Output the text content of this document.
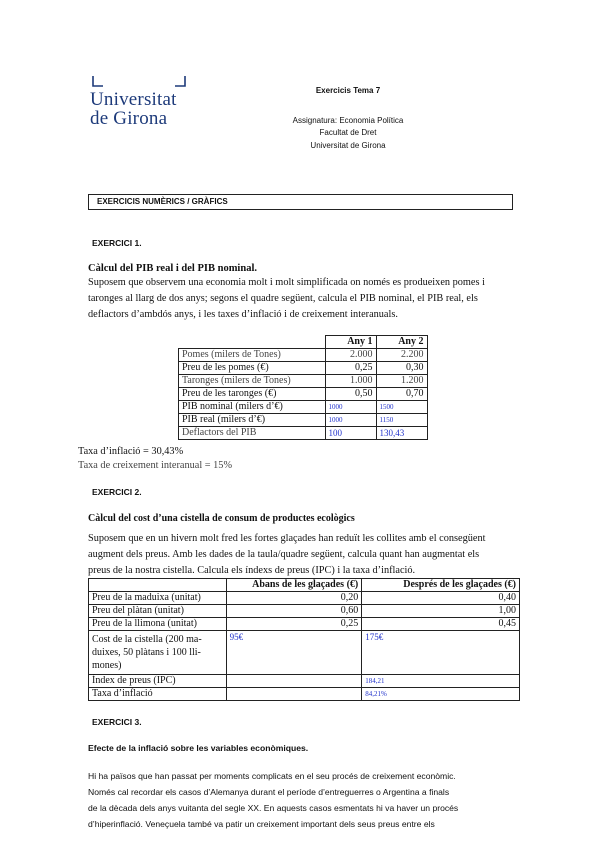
Universitat
de Girona
Exercicis Tema 7
Assignatura: Economia Política
Facultat de Dret
Universitat de Girona
EXERCICIS NUMÈRICS / GRÀFICS
EXERCICI 1.
Càlcul del PIB real i del PIB nominal.
Suposem que observem una economia molt i molt simplificada on només es produeixen pomes i
taronges al llarg de dos anys; segons el quadre següent, calcula el PIB nominal, el PIB real, els
deflactors d’ambdós anys, i les taxes d’inflació i de creixement interanuals.
	Any 1	Any 2
Pomes (milers de Tones)	2.000	2.200
Preu de les pomes (€)	0,25	0,30
Taronges (milers de Tones)	1.000	1.200
Preu de les taronges (€)	0,50	0,70
PIB nominal (milers d’€)	1000	1500
PIB real (milers d’€)	1000	1150
Deflactors del PIB	100	130,43
Taxa d’inflació = 30,43%
Taxa de creixement interanual = 15%
EXERCICI 2.
Càlcul del cost d’una cistella de consum de productes ecològics
Suposem que en un hivern molt fred les fortes glaçades han reduït les collites amb el consegüent
augment dels preus. Amb les dades de la taula/quadre següent, calcula quant han augmentat els
preus de la nostra cistella. Calcula els índexs de preus (IPC) i la taxa d’inflació.
	Abans de les glaçades (€)	Després de les glaçades (€)
Preu de la maduixa (unitat)	0,20	0,40
Preu del plàtan (unitat)	0,60	1,00
Preu de la llimona (unitat)	0,25	0,45

Cost de la cistella (200 ma-
duixes, 50 plàtans i 100 lli-
mones)	95€	175€
Índex de preus (IPC)		184,21
Taxa d’inflació		84,21%
EXERCICI 3.
Efecte de la inflació sobre les variables econòmiques.
Hi ha països que han passat per moments complicats en el seu procés de creixement econòmic.
Només cal recordar els casos d’Alemanya durant el període d’entreguerres o Argentina a finals
de la dècada dels anys vuitanta del segle XX. En aquests casos esmentats hi va haver un procés
d’hiperinflació. Veneçuela també va patir un creixement important dels seus preus entre els
